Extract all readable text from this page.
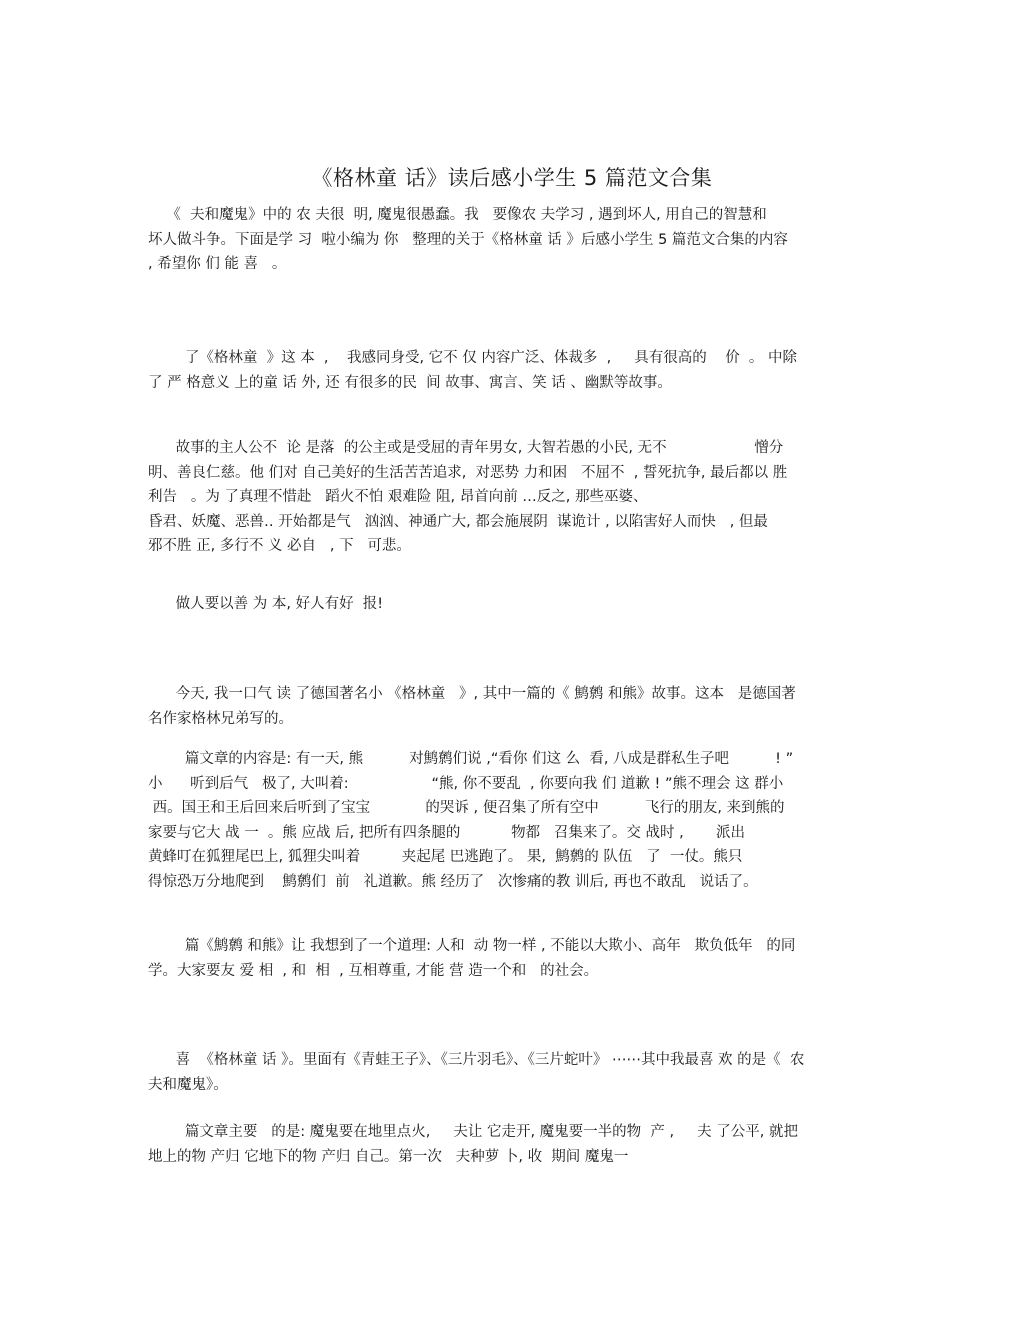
《格林童 话》读后感小学生 5 篇范文合集
《  夫和魔鬼》中的 农 夫很  明, 魔鬼很愚蠢。我   要像农 夫学习 , 遇到坏人, 用自己的智慧和
坏人做斗争。下面是学 习  啦小编为 你   整理的关于《格林童 话 》后感小学生 5 篇范文合集的内容
, 希望你 们 能 喜   。
了《格林童  》这 本  ,    我感同身受, 它不 仅 内容广泛、体裁多  ,     具有很高的    价  。 中除
了 严 格意义 上的童 话 外, 还 有很多的民  间 故事、寓言、笑 话 、幽默等故事。
故事的主人公不  论 是落  的公主或是受屈的青年男女, 大智若愚的小民, 无不                   憎分
明、善良仁慈。他 们对 自己美好的生活苦苦追求,  对恶势 力和困   不屈不  , 誓死抗争, 最后都以 胜
利告   。为 了真理不惜赴   蹈火不怕 艰难险 阻, 昂首向前 …反之, 那些巫婆、
昏君、妖魔、恶兽‥ 开始都是气   汹汹、神通广大, 都会施展阴  谋诡计 , 以陷害好人而快   , 但最
邪不胜 正, 多行不 义 必自   , 下   可悲。
做人要以善 为 本, 好人有好  报!
今天, 我一口气 读 了德国著名小 《格林童   》, 其中一篇的《 鹪鹩 和熊》故事。这本   是德国著
名作家格林兄弟写的。
篇文章的内容是: 有一天, 熊          对鹪鹩们说 ,“看你 们这 么  看, 八成是群私生子吧          ! ”
小      听到后气   极了, 大叫着:                  “熊, 你不要乱  , 你要向我 们 道歉 ! ”熊不理会 这 群小
西。国王和王后回来后听到了宝宝            的哭诉 , 便召集了所有空中          飞行的朋友, 来到熊的
家要与它大 战 一  。熊 应战 后, 把所有四条腿的           物都   召集来了。交 战时 ,       派出
黄蜂叮在狐狸尾巴上, 狐狸尖叫着         夹起尾 巴逃跑了。 果,  鹪鹩的 队伍   了  一仗。熊只
得惊恐万分地爬到    鹪鹩们  前   礼道歉。熊 经历了   次惨痛的教 训后, 再也不敢乱   说话了。
篇《鹪鹩 和熊》让 我想到了一个道理: 人和  动 物一样 , 不能以大欺小、高年   欺负低年   的同
学。大家要友 爱 相  , 和  相  , 互相尊重, 才能 营 造一个和   的社会。
喜  《格林童 话 》。里面有《青蛙王子》、《三片羽毛》、《三片蛇叶》 ⋯⋯其中我最喜 欢 的是《  农
夫和魔鬼》。
篇文章主要   的是: 魔鬼要在地里点火,     夫让 它走开, 魔鬼要一半的物  产 ,     夫 了公平, 就把
地上的物 产归 它地下的物 产归 自己。第一次   夫种萝 卜, 收  期间 魔鬼一
